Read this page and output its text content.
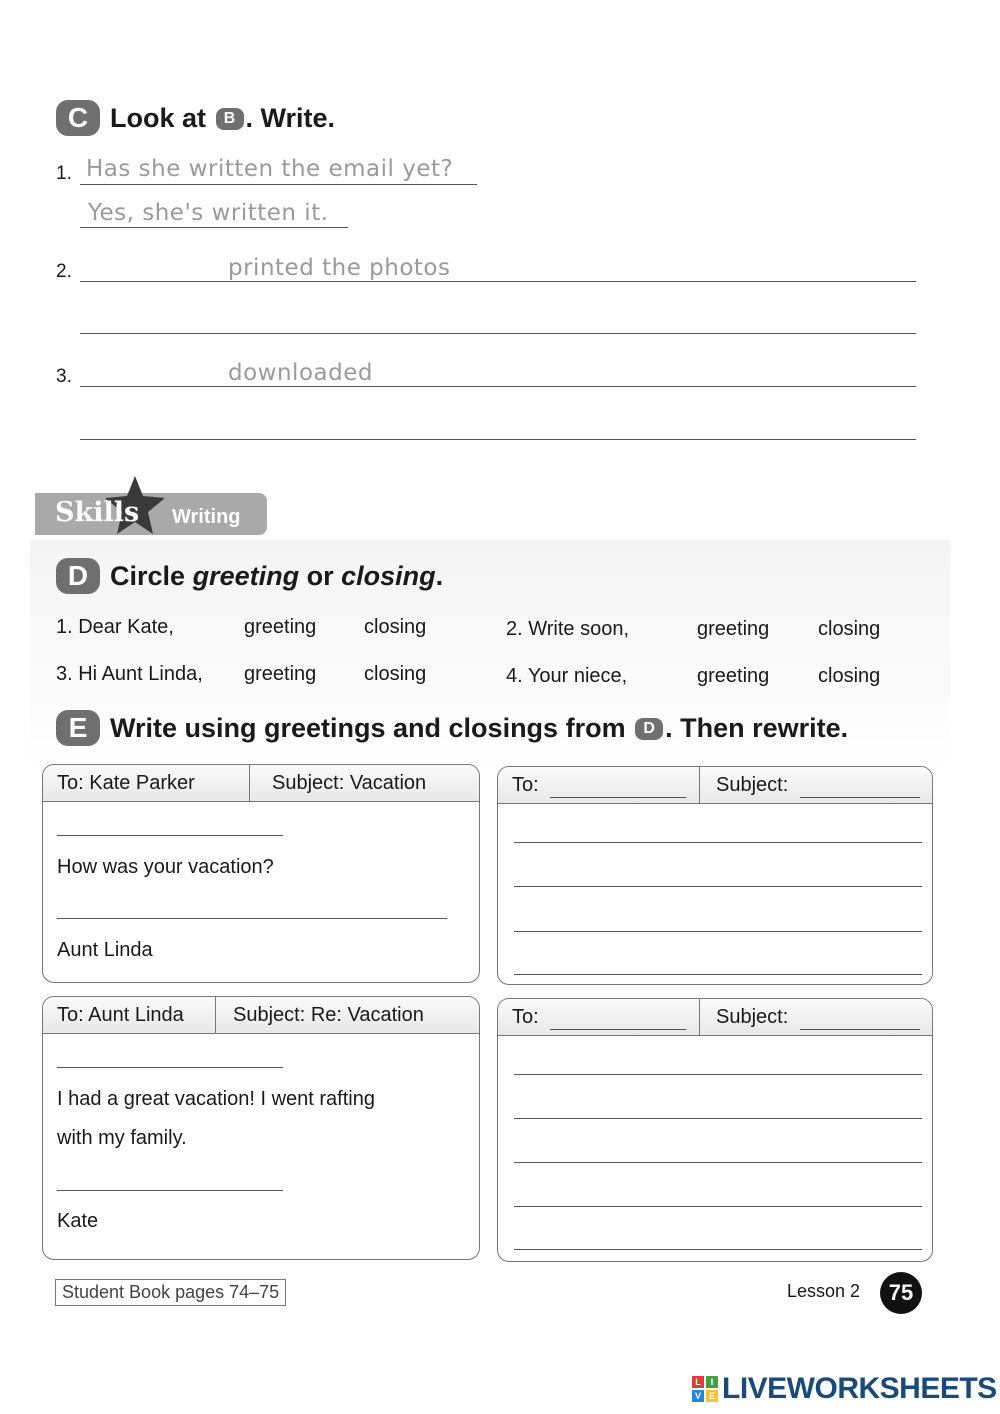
C Look at B . Write.
1. Has she written the email yet?
Yes, she's written it.
2.	printed the photos
3.	downloaded
Skills Writing
D Circle greeting or closing.
1. Dear Kate,	greeting closing	2. Write soon,	greeting closing
3. Hi Aunt Linda, greeting closing	4. Your niece,	greeting closing
E Write using greetings and closings from D . Then rewrite.
To: Kate Parker	Subject: Vacation
How was your vacation?
Aunt Linda
To:	Subject:
To: Aunt Linda Subject: Re: Vacation
I had a great vacation! I went rafting
with my family.
Kate
To:	Subject:
Student Book pages 74–75	Lesson 2	75
L	I
V E LIVEWORKSHEETS
